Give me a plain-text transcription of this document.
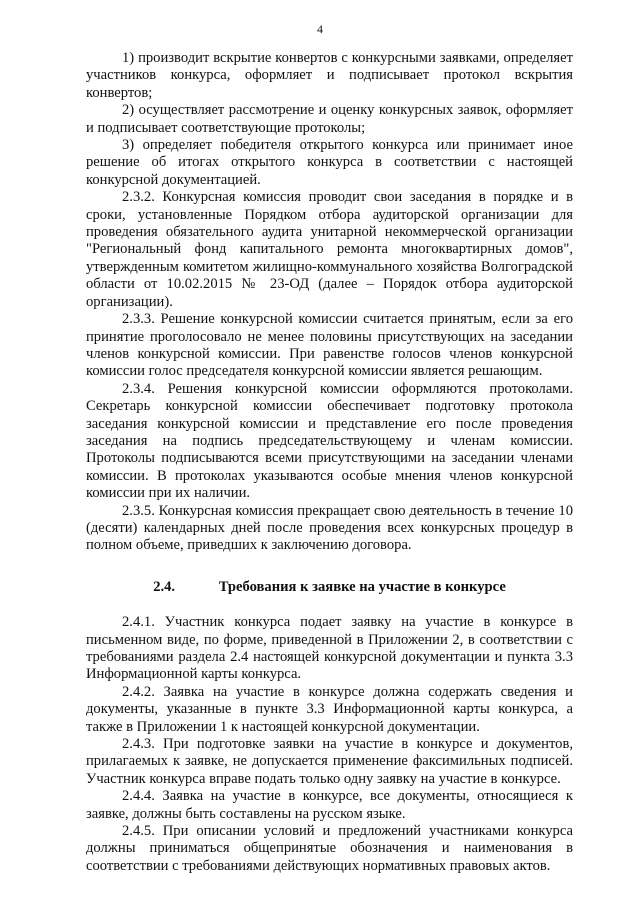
4

1) производит вскрытие конвертов с конкурсными заявками, определяет участников конкурса, оформляет и подписывает протокол вскрытия конвертов;

2) осуществляет рассмотрение и оценку конкурсных заявок, оформляет и подписывает соответствующие протоколы;

3) определяет победителя открытого конкурса или принимает иное решение об итогах открытого конкурса в соответствии с настоящей конкурсной документацией.

2.3.2. Конкурсная комиссия проводит свои заседания в порядке и в сроки, установленные Порядком отбора аудиторской организации для проведения обязательного аудита унитарной некоммерческой организации "Региональный фонд капитального ремонта многоквартирных домов", утвержденным комитетом жилищно-коммунального хозяйства Волгоградской области от 10.02.2015 № 23-ОД (далее – Порядок отбора аудиторской организации).

2.3.3. Решение конкурсной комиссии считается принятым, если за его принятие проголосовало не менее половины присутствующих на заседании членов конкурсной комиссии. При равенстве голосов членов конкурсной комиссии голос председателя конкурсной комиссии является решающим.

2.3.4. Решения конкурсной комиссии оформляются протоколами. Секретарь конкурсной комиссии обеспечивает подготовку протокола заседания конкурсной комиссии и представление его после проведения заседания на подпись председательствующему и членам комиссии. Протоколы подписываются всеми присутствующими на заседании членами комиссии. В протоколах указываются особые мнения членов конкурсной комиссии при их наличии.

2.3.5. Конкурсная комиссия прекращает свою деятельность в течение 10 (десяти) календарных дней после проведения всех конкурсных процедур в полном объеме, приведших к заключению договора.

2.4.	Требования к заявке на участие в конкурсе

2.4.1. Участник конкурса подает заявку на участие в конкурсе в письменном виде, по форме, приведенной в Приложении 2, в соответствии с требованиями раздела 2.4 настоящей конкурсной документации и пункта 3.3 Информационной карты конкурса.

2.4.2. Заявка на участие в конкурсе должна содержать сведения и документы, указанные в пункте 3.3 Информационной карты конкурса, а также в Приложении 1 к настоящей конкурсной документации.

2.4.3. При подготовке заявки на участие в конкурсе и документов, прилагаемых к заявке, не допускается применение факсимильных подписей. Участник конкурса вправе подать только одну заявку на участие в конкурсе.

2.4.4. Заявка на участие в конкурсе, все документы, относящиеся к заявке, должны быть составлены на русском языке.

2.4.5. При описании условий и предложений участниками конкурса должны приниматься общепринятые обозначения и наименования в соответствии с требованиями действующих нормативных правовых актов.
